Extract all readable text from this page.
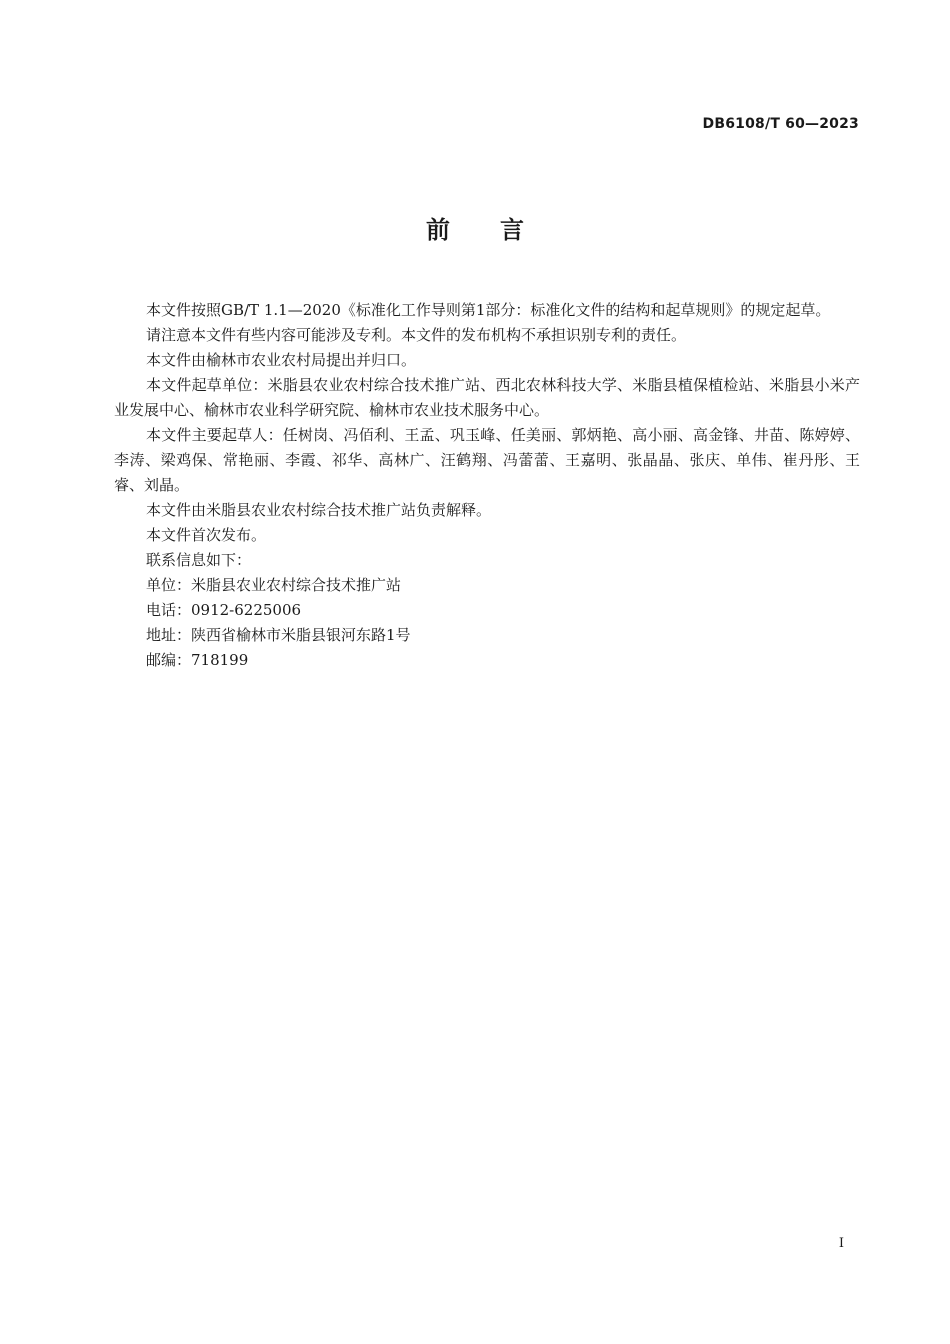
DB6108/T 60—2023
前 言

本文件按照GB/T 1.1—2020《标准化工作导则第1部分：标准化文件的结构和起草规则》的规定起草。

请注意本文件有些内容可能涉及专利。本文件的发布机构不承担识别专利的责任。

本文件由榆林市农业农村局提出并归口。

本文件起草单位：米脂县农业农村综合技术推广站、西北农林科技大学、米脂县植保植检站、米脂县小米产业发展中心、榆林市农业科学研究院、榆林市农业技术服务中心。

本文件主要起草人：任树岗、冯佰利、王孟、巩玉峰、任美丽、郭炳艳、高小丽、高金锋、井苗、陈婷婷、李涛、梁鸡保、常艳丽、李霞、祁华、高林广、汪鹤翔、冯蕾蕾、王嘉明、张晶晶、张庆、单伟、崔丹彤、王睿、刘晶。

本文件由米脂县农业农村综合技术推广站负责解释。

本文件首次发布。

联系信息如下：

单位：米脂县农业农村综合技术推广站

电话：0912-6225006

地址：陕西省榆林市米脂县银河东路1号

邮编：718199

I
